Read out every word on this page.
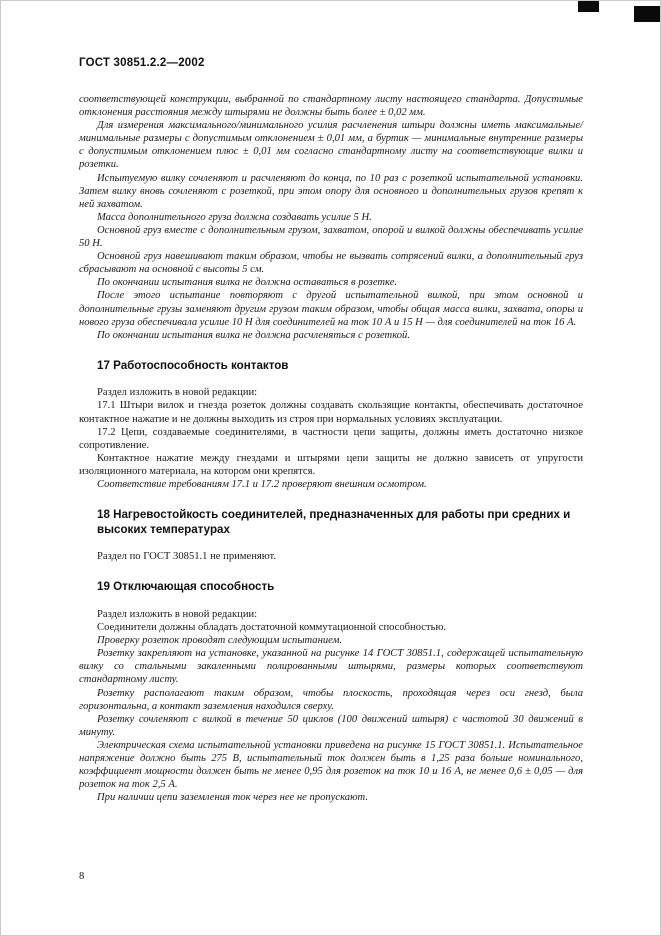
ГОСТ 30851.2.2—2002

соответствующей конструкции, выбранной по стандартному листу настоящего стандарта. Допустимые отклонения расстояния между штырями не должны быть более ± 0,02 мм.

Для измерения максимального/минимального усилия расчленения штыри должны иметь максимальные/минимальные размеры с допустимым отклонением ± 0,01 мм, а буртик — минимальные внутренние размеры с допустимым отклонением плюс ± 0,01 мм согласно стандартному листу на соответствующие вилки и розетки.

Испытуемую вилку сочленяют и расчленяют до конца, по 10 раз с розеткой испытательной установки. Затем вилку вновь сочленяют с розеткой, при этом опору для основного и дополнительных грузов крепят к ней захватом.

Масса дополнительного груза должна создавать усилие 5 Н.

Основной груз вместе с дополнительным грузом, захватом, опорой и вилкой должны обеспечивать усилие 50 Н.

Основной груз навешивают таким образом, чтобы не вызвать сотрясений вилки, а дополнительный груз сбрасывают на основной с высоты 5 см.

По окончании испытания вилка не должна оставаться в розетке.

После этого испытание повторяют с другой испытательной вилкой, при этом основной и дополнительные грузы заменяют другим грузом таким образом, чтобы общая масса вилки, захвата, опоры и нового груза обеспечивала усилие 10 Н для соединителей на ток 10 А и 15 Н — для соединителей на ток 16 А.

По окончании испытания вилка не должна расчленяться с розеткой.

17 Работоспособность контактов

Раздел изложить в новой редакции:

17.1 Штыри вилок и гнезда розеток должны создавать скользящие контакты, обеспечивать достаточное контактное нажатие и не должны выходить из строя при нормальных условиях эксплуатации.

17.2 Цепи, создаваемые соединителями, в частности цепи защиты, должны иметь достаточно низкое сопротивление.

Контактное нажатие между гнездами и штырями цепи защиты не должно зависеть от упругости изоляционного материала, на котором они крепятся.

Соответствие требованиям 17.1 и 17.2 проверяют внешним осмотром.

18 Нагревостойкость соединителей, предназначенных для работы при средних и высоких температурах

Раздел по ГОСТ 30851.1 не применяют.

19 Отключающая способность

Раздел изложить в новой редакции:

Соединители должны обладать достаточной коммутационной способностью.

Проверку розеток проводят следующим испытанием.

Розетку закрепляют на установке, указанной на рисунке 14 ГОСТ 30851.1, содержащей испытательную вилку со стальными закаленными полированными штырями, размеры которых соответствуют стандартному листу.

Розетку располагают таким образом, чтобы плоскость, проходящая через оси гнезд, была горизонтальна, а контакт заземления находился сверху.

Розетку сочленяют с вилкой в течение 50 циклов (100 движений штыря) с частотой 30 движений в минуту.

Электрическая схема испытательной установки приведена на рисунке 15 ГОСТ 30851.1. Испытательное напряжение должно быть 275 В, испытательный ток должен быть в 1,25 раза больше номинального, коэффициент мощности должен быть не менее 0,95 для розеток на ток 10 и 16 А, не менее 0,6 ± 0,05 — для розеток на ток 2,5 А.

При наличии цепи заземления ток через нее не пропускают.

8
